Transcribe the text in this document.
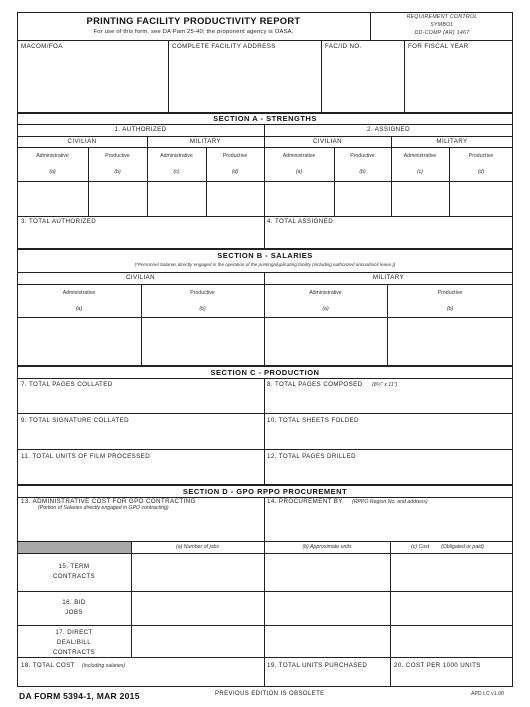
PRINTING FACILITY PRODUCTIVITY REPORT
For use of this form, see DA Pam 25-40; the proponent agency is OASA.
REQUIREMENT CONTROL
SYMBOL
DD-COMP (AR) 1467
MACOM/FOA	COMPLETE FACILITY ADDRESS	FAC/ID NO.	FOR FISCAL YEAR
SECTION A - STRENGTHS
1. AUTHORIZED	2. ASSIGNED
CIVILIAN	MILITARY	CIVILIAN	MILITARY
Administrative	Productive	Administrative	Productive	Administrative	Productive	Administrative	Productive
(a)	(b)	(c)	(d)	(a)	(b)	(c)	(d)
3. TOTAL AUTHORIZED	4. TOTAL ASSIGNED
SECTION B - SALARIES
(*Personnel Salaries directly engaged in the operation of the printing/duplicating facility (including authorized annual/sick leave.))
CIVILIAN	MILITARY
Administrative	Productive	Administrative	Productive
(a)	(b)	(a)	(b)
SECTION C - PRODUCTION
7. TOTAL PAGES COLLATED	8. TOTAL PAGES COMPOSED (8½" x 11")
9. TOTAL SIGNATURE COLLATED	10. TOTAL SHEETS FOLDED
11. TOTAL UNITS OF FILM PROCESSED	12. TOTAL PAGES DRILLED
SECTION D - GPO RPPO PROCUREMENT
13. ADMINISTRATIVE COST FOR GPO CONTRACTING
(Portion of Salaries directly engaged in GPO contracting)
14. PROCUREMENT BY (RPPO Region No. and address)
(a) Number of jobs	(b) Approximate units	(c) Cost (Obligated or paid)
15. TERM
CONTRACTS
16. BID
JOBS
17. DIRECT
DEAL/BILL
CONTRACTS
18. TOTAL COST (including salaries)	19. TOTAL UNITS PURCHASED	20. COST PER 1000 UNITS
DA FORM 5394-1, MAR 2015	PREVIOUS EDITION IS OBSOLETE	APD LC v1.00
